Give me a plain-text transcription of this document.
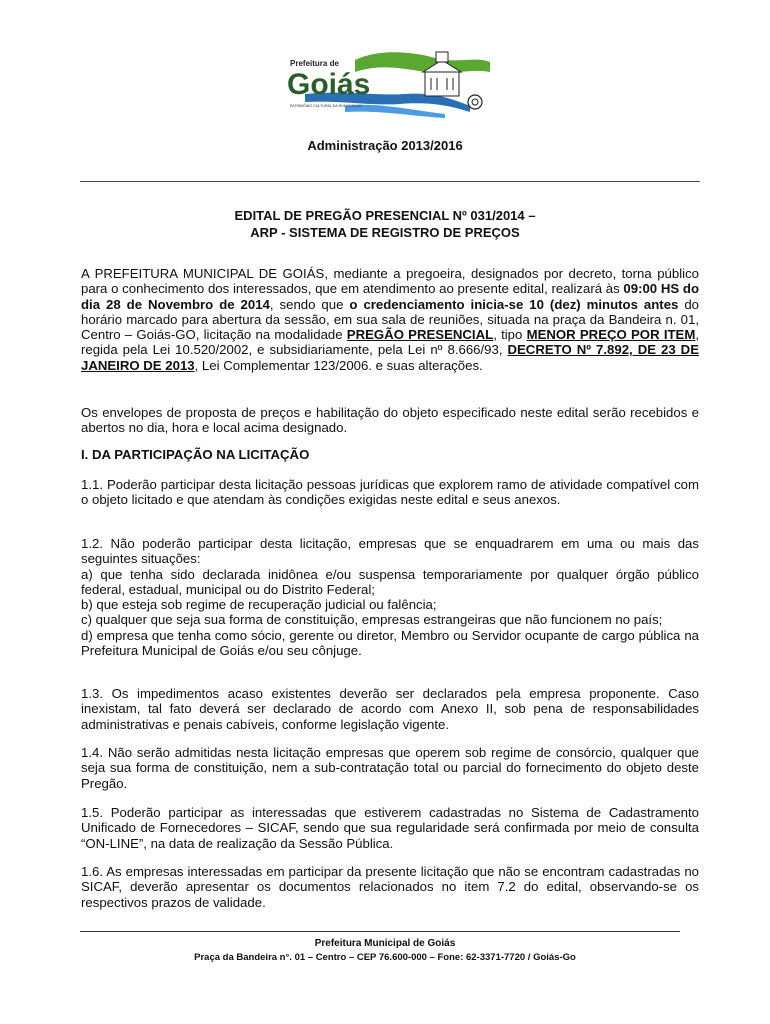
Prefeitura de
Goiás
PATRIMÔNIO CULTURAL DA HUMANIDADE
Administração 2013/2016
EDITAL DE PREGÃO PRESENCIAL Nº 031/2014 –
ARP - SISTEMA DE REGISTRO DE PREÇOS

A PREFEITURA MUNICIPAL DE GOIÁS, mediante a pregoeira, designados por decreto, torna público para o conhecimento dos interessados, que em atendimento ao presente edital, realizará às 09:00 HS do dia 28 de Novembro de 2014, sendo que o credenciamento inicia-se 10 (dez) minutos antes do horário marcado para abertura da sessão, em sua sala de reuniões, situada na praça da Bandeira n. 01, Centro – Goiás-GO, licitação na modalidade PREGÃO PRESENCIAL, tipo MENOR PREÇO POR ITEM, regida pela Lei 10.520/2002, e subsidiariamente, pela Lei nº 8.666/93, DECRETO Nº 7.892, DE 23 DE JANEIRO DE 2013, Lei Complementar 123/2006. e suas alterações.

Os envelopes de proposta de preços e habilitação do objeto especificado neste edital serão recebidos e abertos no dia, hora e local acima designado.

I. DA PARTICIPAÇÃO NA LICITAÇÃO

1.1. Poderão participar desta licitação pessoas jurídicas que explorem ramo de atividade compatível com o objeto licitado e que atendam às condições exigidas neste edital e seus anexos.

1.2. Não poderão participar desta licitação, empresas que se enquadrarem em uma ou mais das seguintes situações:

a) que tenha sido declarada inidônea e/ou suspensa temporariamente por qualquer órgão público federal, estadual, municipal ou do Distrito Federal;

b) que esteja sob regime de recuperação judicial ou falência;

c) qualquer que seja sua forma de constituição, empresas estrangeiras que não funcionem no país;

d) empresa que tenha como sócio, gerente ou diretor, Membro ou Servidor ocupante de cargo pública na Prefeitura Municipal de Goiás e/ou seu cônjuge.

1.3. Os impedimentos acaso existentes deverão ser declarados pela empresa proponente. Caso inexistam, tal fato deverá ser declarado de acordo com Anexo II, sob pena de responsabilidades administrativas e penais cabíveis, conforme legislação vigente.

1.4. Não serão admitidas nesta licitação empresas que operem sob regime de consórcio, qualquer que seja sua forma de constituição, nem a sub-contratação total ou parcial do fornecimento do objeto deste Pregão.

1.5. Poderão participar as interessadas que estiverem cadastradas no Sistema de Cadastramento Unificado de Fornecedores – SICAF, sendo que sua regularidade será confirmada por meio de consulta “ON-LINE”, na data de realização da Sessão Pública.

1.6. As empresas interessadas em participar da presente licitação que não se encontram cadastradas no SICAF, deverão apresentar os documentos relacionados no item 7.2 do edital, observando-se os respectivos prazos de validade.

Prefeitura Municipal de Goiás
Praça da Bandeira n°. 01 – Centro – CEP 76.600-000 – Fone: 62-3371-7720 / Goiás-Go
